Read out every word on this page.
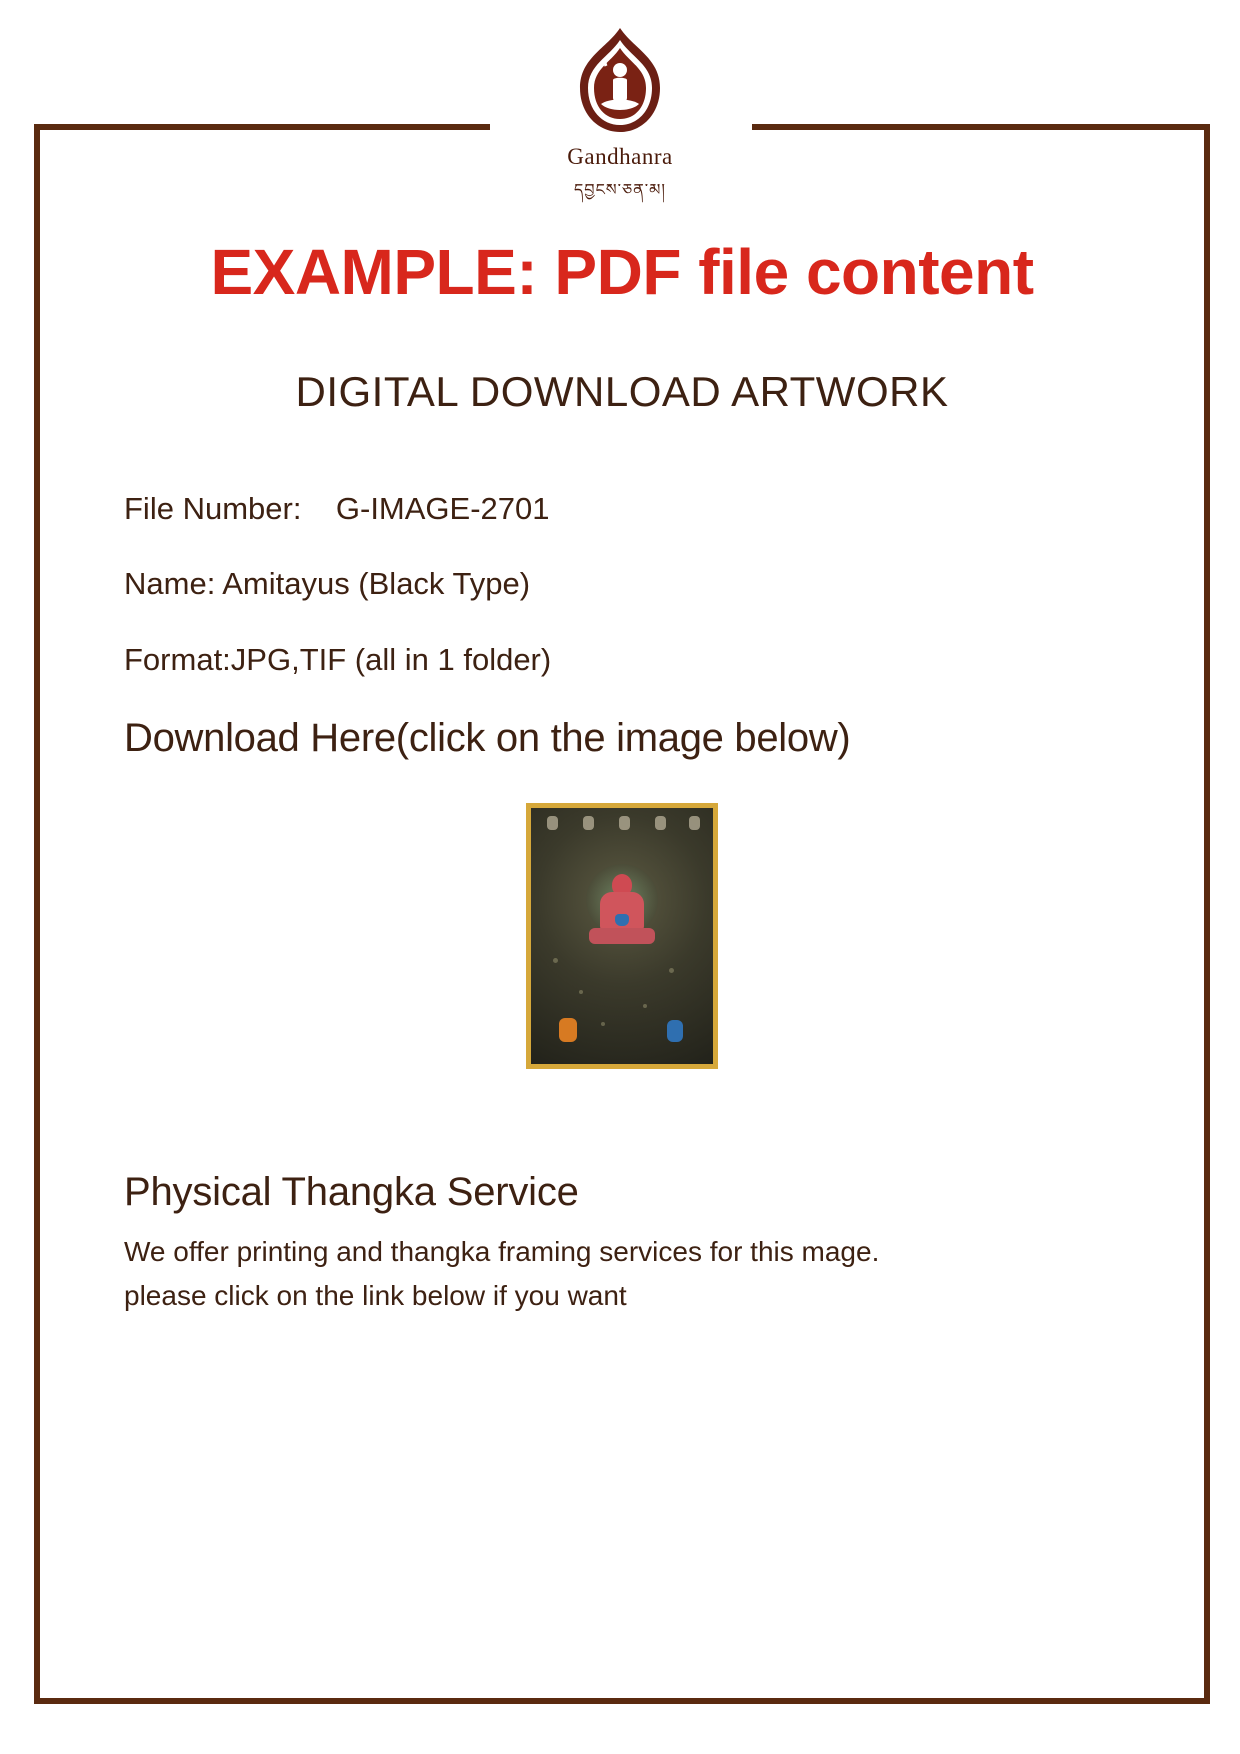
Gandhanra
དབྱངས་ཅན་མ།
EXAMPLE: PDF file content
DIGITAL DOWNLOAD ARTWORK
File Number:    G-IMAGE-2701
Name: Amitayus (Black Type)
Format:JPG,TIF (all in 1 folder)
Download Here(click on the image below)
Physical Thangka Service
We offer printing and thangka framing services for this mage.
please click on the link below if you want
